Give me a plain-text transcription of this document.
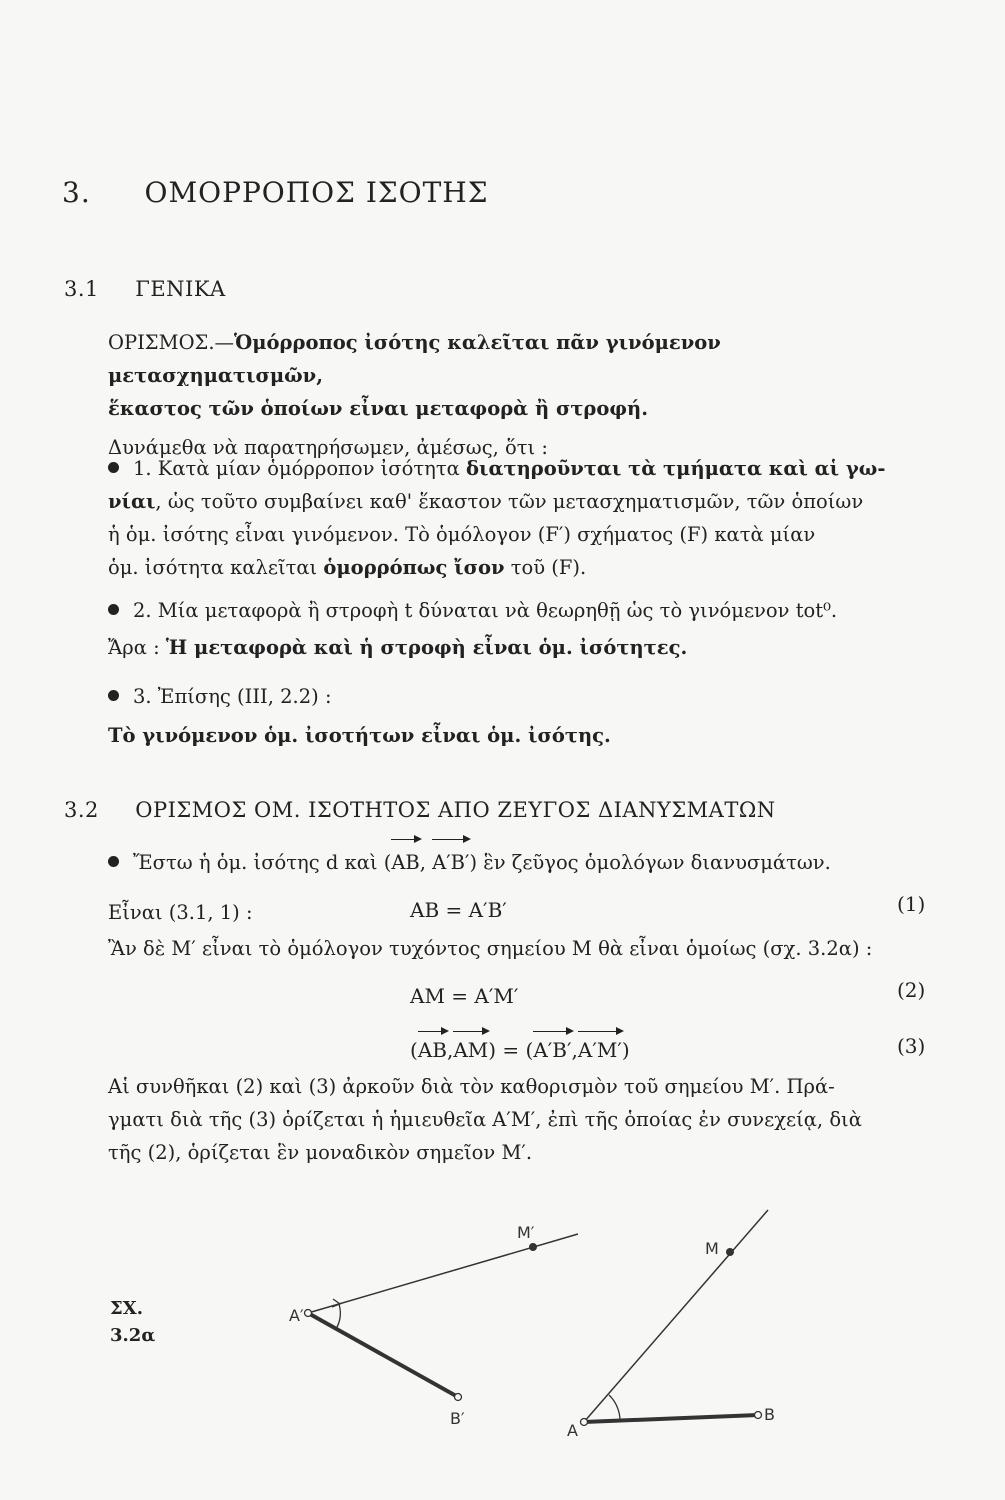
3. ΟΜΟΡΡΟΠΟΣ ΙΣΟΤΗΣ
3.1 ΓΕΝΙΚΑ
ΟΡΙΣΜΟΣ.—Ὁμόρροπος ἰσότης καλεῖται πᾶν γινόμενον μετασχηματισμῶν,
ἕκαστος τῶν ὁποίων εἶναι μεταφορὰ ἢ στροφή.
Δυνάμεθα νὰ παρατηρήσωμεν, ἀμέσως, ὅτι :
1. Κατὰ μίαν ὁμόρροπον ἰσότητα διατηροῦνται τὰ τμήματα καὶ αἱ γω-
νίαι, ὡς τοῦτο συμβαίνει καθ' ἕκαστον τῶν μετασχηματισμῶν, τῶν ὁποίων
ἡ ὁμ. ἰσότης εἶναι γινόμενον. Τὸ ὁμόλογον (F′) σχήματος (F) κατὰ μίαν
ὁμ. ἰσότητα καλεῖται ὁμορρόπως ἴσον τοῦ (F).
2. Μία μεταφορὰ ἢ στροφὴ t δύναται νὰ θεωρηθῇ ὡς τὸ γινόμενον tot⁰.
Ἄρα : Ἡ μεταφορὰ καὶ ἡ στροφὴ εἶναι ὁμ. ἰσότητες.
3. Ἐπίσης (ΙΙΙ, 2.2) :
Τὸ γινόμενον ὁμ. ἰσοτήτων εἶναι ὁμ. ἰσότης.
3.2 ΟΡΙΣΜΟΣ ΟΜ. ΙΣΟΤΗΤΟΣ ΑΠΟ ΖΕΥΓΟΣ ΔΙΑΝΥΣΜΑΤΩΝ
Ἔστω ἡ ὁμ. ἰσότης d καὶ (AB, A′B′) ἓν ζεῦγος ὁμολόγων διανυσμάτων.
Εἶναι (3.1, 1) :	AB = A′B′	(1)
Ἂν δὲ M′ εἶναι τὸ ὁμόλογον τυχόντος σημείου M θὰ εἶναι ὁμοίως (σχ. 3.2α) :
AM = A′M′	(2)
(AB,AM) = (A′B′,A′M′)	(3)
Αἱ συνθῆκαι (2) καὶ (3) ἀρκοῦν διὰ τὸν καθορισμὸν τοῦ σημείου M′. Πρά-
γματι διὰ τῆς (3) ὁρίζεται ἡ ἡμιευθεῖα A′M′, ἐπὶ τῆς ὁποίας ἐν συνεχείᾳ, διὰ
τῆς (2), ὁρίζεται ἓν μοναδικὸν σημεῖον M′.
ΣΧ.
3.2α
M′
A′
B′
M
A
B
